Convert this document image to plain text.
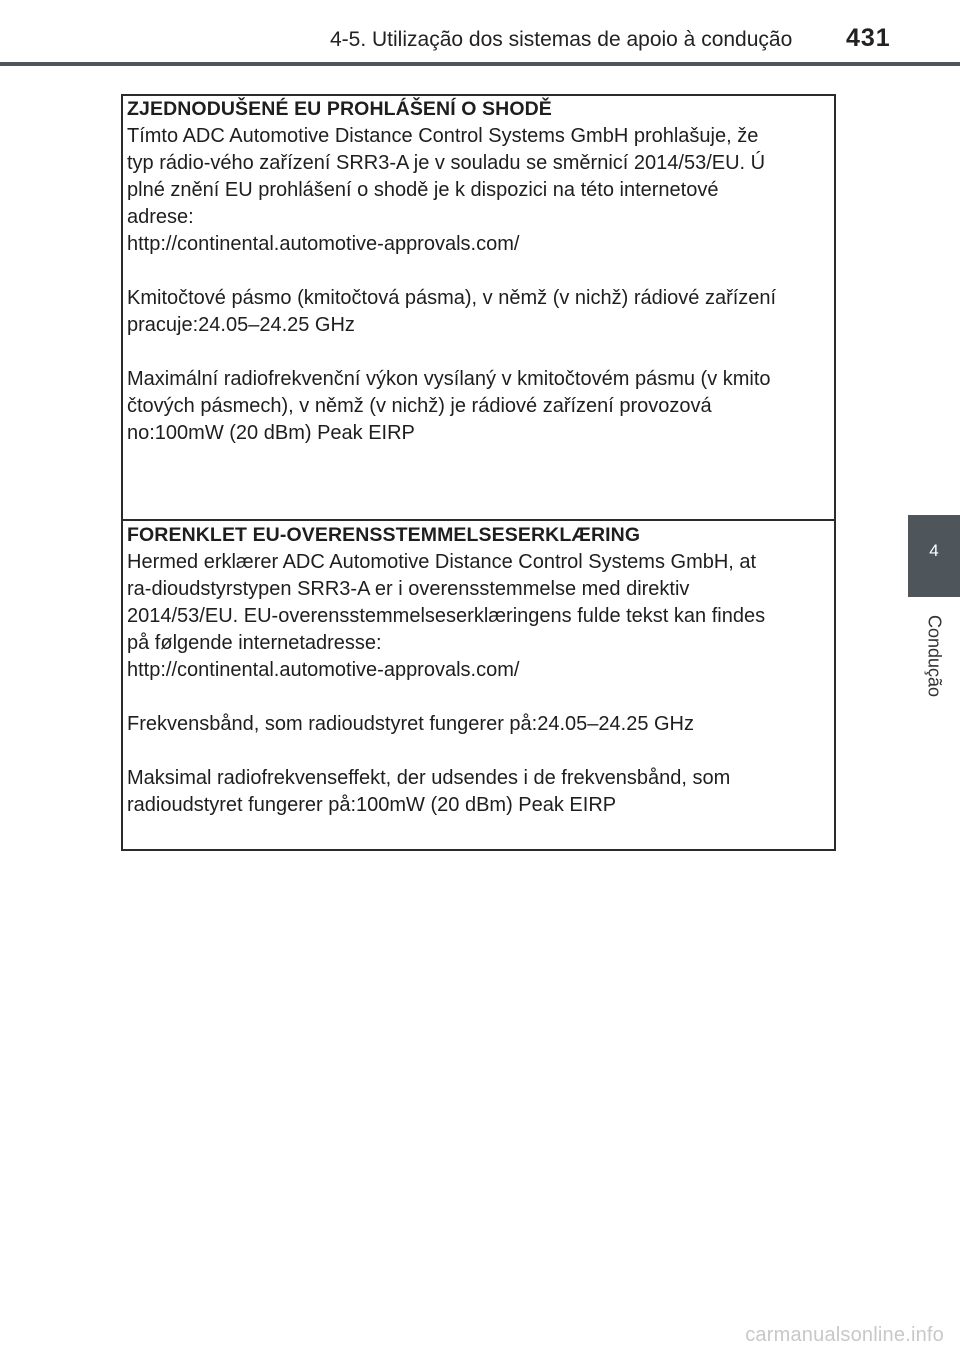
4-5. Utilização dos sistemas de apoio à condução 431
4
Condução

ZJEDNODUŠENÉ EU PROHLÁŠENÍ O SHODĚ

Tímto ADC Automotive Distance Control Systems GmbH prohlašuje, že

typ rádio-vého zařízení SRR3-A je v souladu se směrnicí 2014/53/EU. Ú

plné znění EU prohlášení o shodě je k dispozici na této internetové

adrese:

http://continental.automotive-approvals.com/

Kmitočtové pásmo (kmitočtová pásma), v němž (v nichž) rádiové zařízení

pracuje:24.05–24.25 GHz

Maximální radiofrekvenční výkon vysílaný v kmitočtovém pásmu (v kmito

čtových pásmech), v němž (v nichž) je rádiové zařízení provozová

no:100mW (20 dBm) Peak EIRP

FORENKLET EU-OVERENSSTEMMELSESERKLÆRING

Hermed erklærer ADC Automotive Distance Control Systems GmbH, at

ra-dioudstyrstypen SRR3-A er i overensstemmelse med direktiv

2014/53/EU. EU-overensstemmelseserklæringens fulde tekst kan findes

på følgende internetadresse:

http://continental.automotive-approvals.com/

Frekvensbånd, som radioudstyret fungerer på:24.05–24.25 GHz

Maksimal radiofrekvenseffekt, der udsendes i de frekvensbånd, som

radioudstyret fungerer på:100mW (20 dBm) Peak EIRP

carmanualsonline.info
